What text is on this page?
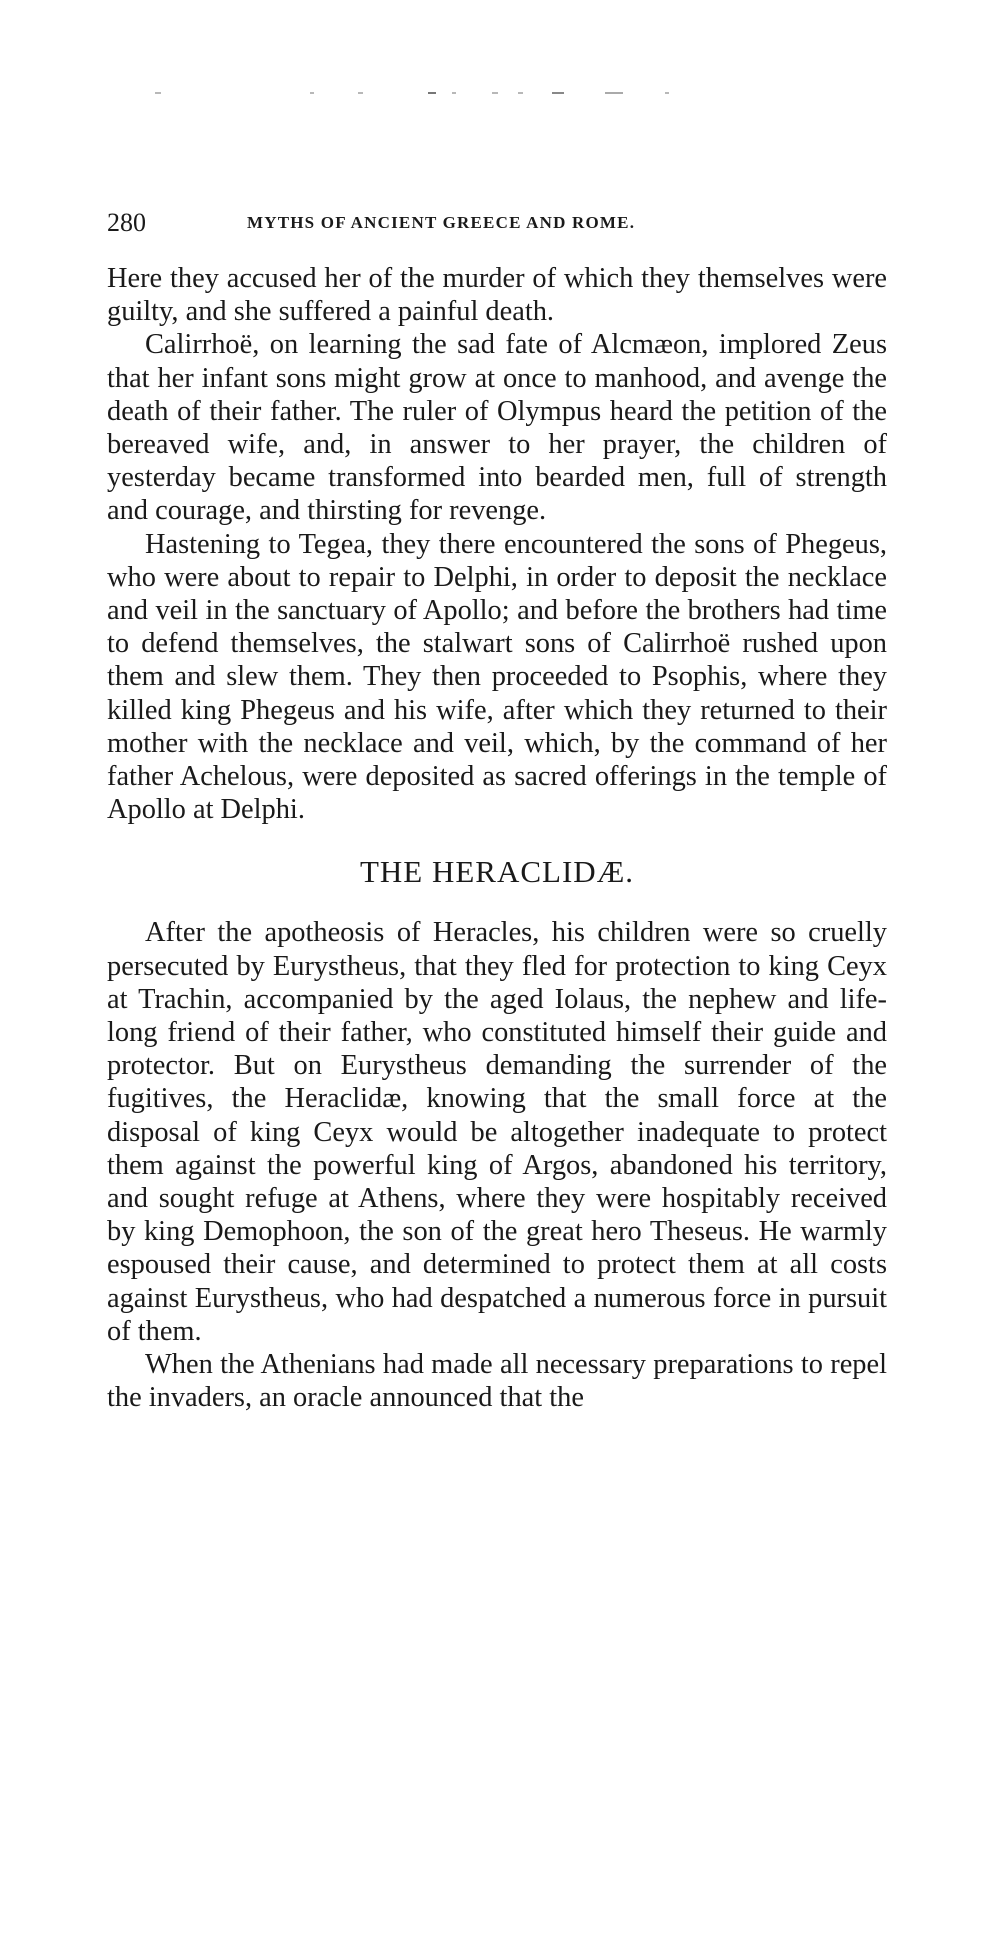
280	MYTHS OF ANCIENT GREECE AND ROME.

Here they accused her of the murder of which they themselves were guilty, and she suffered a painful death.

Calirrhoë, on learning the sad fate of Alcmæon, implored Zeus that her infant sons might grow at once to manhood, and avenge the death of their father. The ruler of Olympus heard the petition of the bereaved wife, and, in answer to her prayer, the children of yesterday became transformed into bearded men, full of strength and courage, and thirsting for revenge.

Hastening to Tegea, they there encountered the sons of Phegeus, who were about to repair to Delphi, in order to deposit the necklace and veil in the sanctuary of Apollo; and before the brothers had time to defend themselves, the stalwart sons of Calirrhoë rushed upon them and slew them. They then proceeded to Psophis, where they killed king Phegeus and his wife, after which they returned to their mother with the necklace and veil, which, by the command of her father Achelous, were deposited as sacred offerings in the temple of Apollo at Delphi.

THE HERACLIDÆ.

After the apotheosis of Heracles, his children were so cruelly persecuted by Eurystheus, that they fled for protection to king Ceyx at Trachin, accompanied by the aged Iolaus, the nephew and life-long friend of their father, who constituted himself their guide and protector. But on Eurystheus demanding the surrender of the fugitives, the Heraclidæ, knowing that the small force at the disposal of king Ceyx would be altogether inadequate to protect them against the powerful king of Argos, abandoned his territory, and sought refuge at Athens, where they were hospitably received by king Demophoon, the son of the great hero Theseus. He warmly espoused their cause, and determined to protect them at all costs against Eurystheus, who had despatched a numerous force in pursuit of them.

When the Athenians had made all necessary preparations to repel the invaders, an oracle announced that the
